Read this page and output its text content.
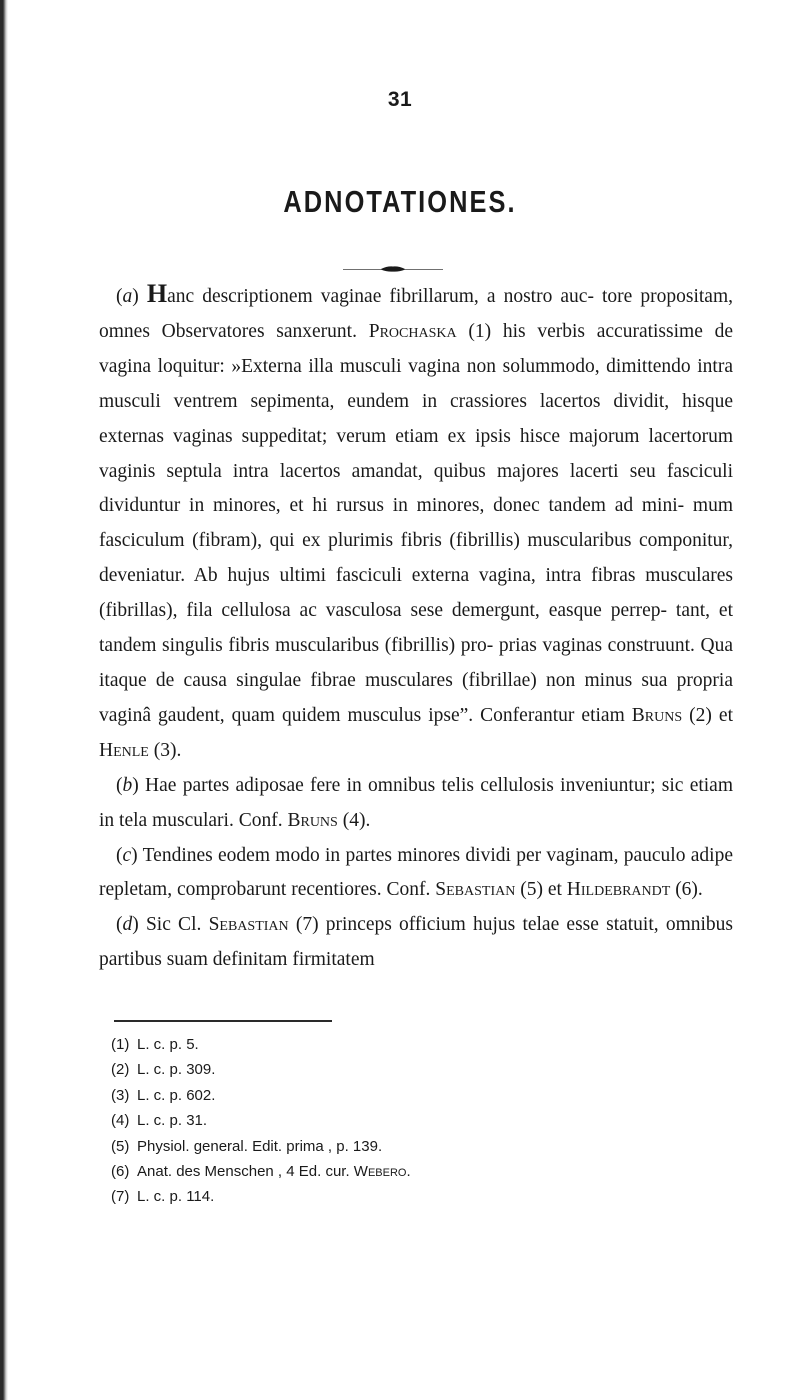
31
ADNOTATIONES.

(a) Hanc descriptionem vaginae fibrillarum, a nostro auc- tore propositam, omnes Observatores sanxerunt. Prochaska (1) his verbis accuratissime de vagina loquitur: »Externa illa musculi vagina non solummodo, dimittendo intra musculi ventrem sepimenta, eundem in crassiores lacertos dividit, hisque externas vaginas suppeditat; verum etiam ex ipsis hisce majorum lacertorum vaginis septula intra lacertos amandat, quibus majores lacerti seu fasciculi dividuntur in minores, et hi rursus in minores, donec tandem ad mini- mum fasciculum (fibram), qui ex plurimis fibris (fibrillis) muscularibus componitur, deveniatur. Ab hujus ultimi fasciculi externa vagina, intra fibras musculares (fibrillas), fila cellulosa ac vasculosa sese demergunt, easque perrep- tant, et tandem singulis fibris muscularibus (fibrillis) pro- prias vaginas construunt. Qua itaque de causa singulae fibrae musculares (fibrillae) non minus sua propria vaginâ gaudent, quam quidem musculus ipse”. Conferantur etiam Bruns (2) et Henle (3).

(b) Hae partes adiposae fere in omnibus telis cellulosis inveniuntur; sic etiam in tela musculari. Conf. Bruns (4).

(c) Tendines eodem modo in partes minores dividi per vaginam, pauculo adipe repletam, comprobarunt recentiores. Conf. Sebastian (5) et Hildebrandt (6).

(d) Sic Cl. Sebastian (7) princeps officium hujus telae esse statuit, omnibus partibus suam definitam firmitatem

(1) L. c. p. 5.
(2) L. c. p. 309.
(3) L. c. p. 602.
(4) L. c. p. 31.
(5) Physiol. general. Edit. prima , p. 139.
(6) Anat. des Menschen , 4 Ed. cur. Webero.
(7) L. c. p. 114.
